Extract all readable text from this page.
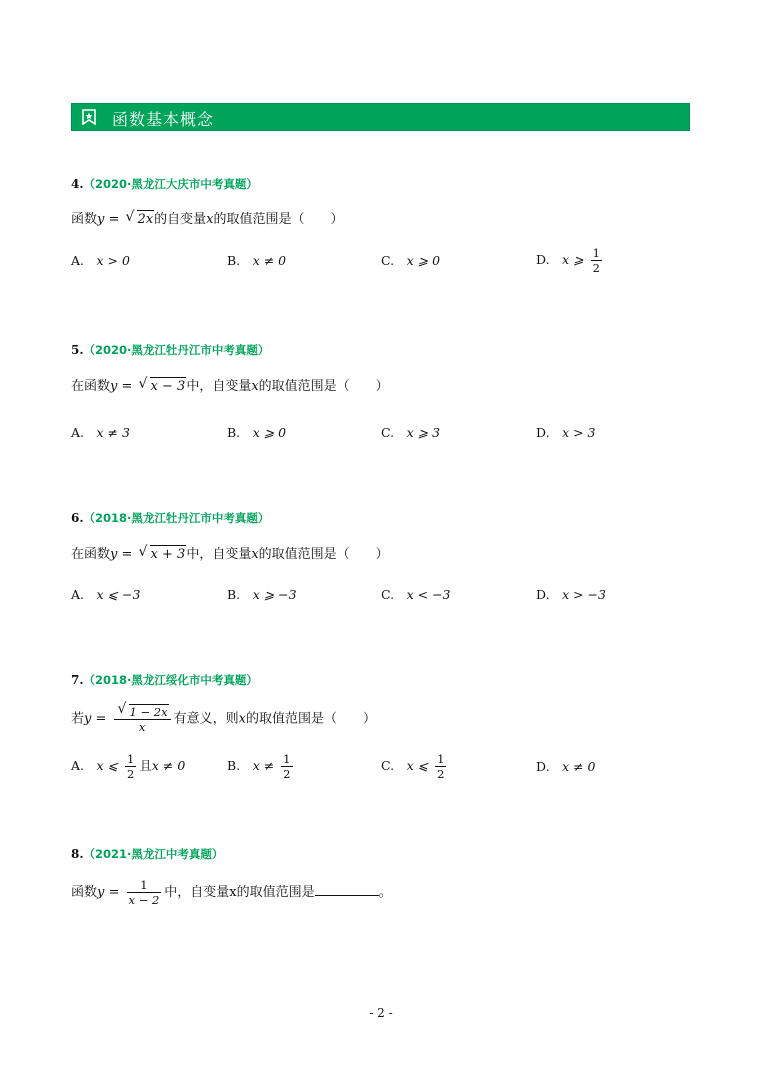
函数基本概念
4.（2020·黑龙江大庆市中考真题）
函数y = √ 2x的自变量x的取值范围是（　　）
A.　 x > 0	B.　 x ≠ 0	C.　 x ⩾ 0	D.　 x ⩾ $\frac{1}{2}$
5.（2020·黑龙江牡丹江市中考真题）
在函数y = √ x − 3中，自变量x的取值范围是（　　）
A.　 x ≠ 3	B.　 x ⩾ 0	C.　 x ⩾ 3	D.　 x > 3
6.（2018·黑龙江牡丹江市中考真题）
在函数y = √ x + 3中，自变量x的取值范围是（　　）
A.　 x ⩽ −3	B.　 x ⩾ −3	C.　 x < −3	D.　 x > −3
7.（2018·黑龙江绥化市中考真题）
若y =
√ $\frac{1 - 2x}{x}$ 有意义，则x的取值范围是（　　）
A.　 x ⩽ $\frac{1}{2}$ 且x ≠ 0	B.　 $x \ne \frac{1}{2}$	C.　 x ⩽ $\frac{1}{2}$	D.　 x ≠ 0
8.（2021·黑龙江中考真题）
函数$y = \frac{1}{x - 2}$ 中，自变量x的取值范围是	。
- 2 -
